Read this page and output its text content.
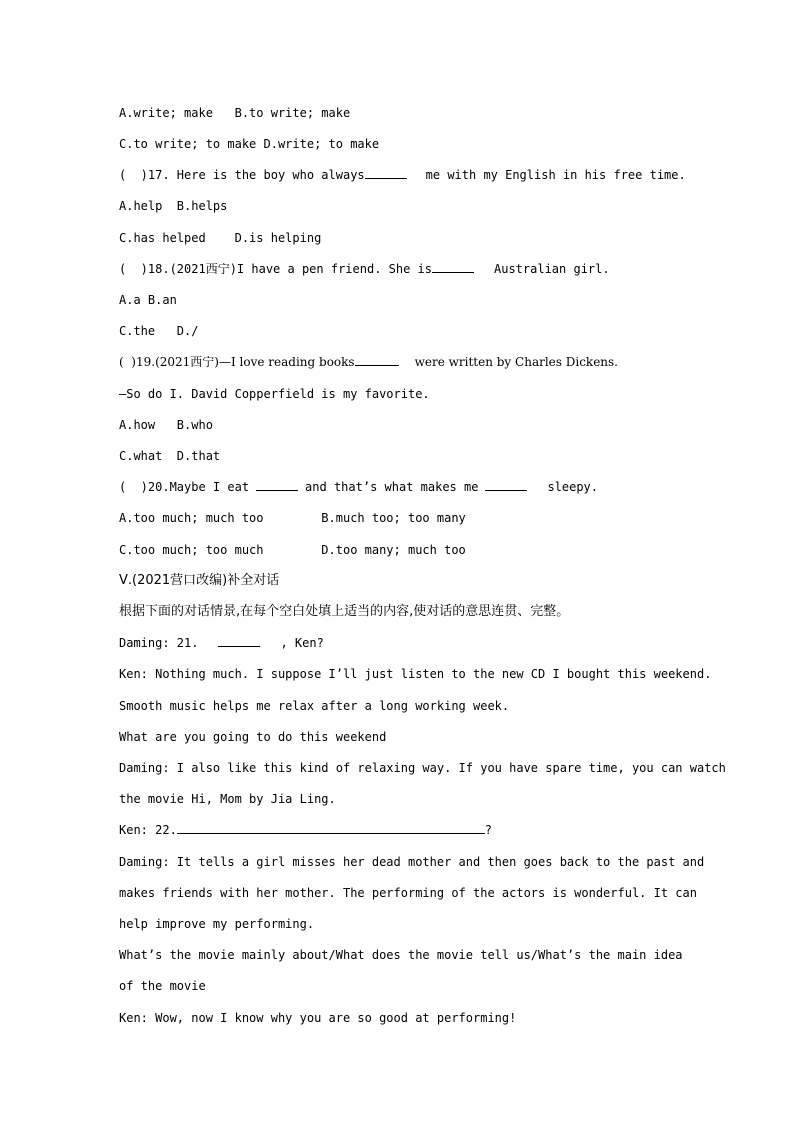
A.write; make   B.to write; make
C.to write; to make D.write; to make
(  )17. Here is the boy who always	me with my English in his free time.
A.help  B.helps
C.has helped    D.is helping
(  )18.(2021西宁)I have a pen friend. She is	Australian girl.
A.a B.an
C.the   D./
(  )19.(2021西宁)—I love reading books	were written by Charles Dickens.
—So do I. David Copperfield is my favorite.
A.how   B.who
C.what  D.that
(  )20.Maybe I eat	and that’s what makes me	sleepy.
A.too much; much too        B.much too; too many
C.too much; too much        D.too many; much too
Ⅴ.(2021营口改编)补全对话
根据下面的对话情景,在每个空白处填上适当的内容,使对话的意思连贯、完整。
Daming: 21.	, Ken?
Ken: Nothing much. I suppose I’ll just listen to the new CD I bought this weekend.
Smooth music helps me relax after a long working week.
What are you going to do this weekend
Daming: I also like this kind of relaxing way. If you have spare time, you can watch
the movie Hi, Mom by Jia Ling.
Ken: 22.	?
Daming: It tells a girl misses her dead mother and then goes back to the past and
makes friends with her mother. The performing of the actors is wonderful. It can
help improve my performing.
What’s the movie mainly about/What does the movie tell us/What’s the main idea
of the movie
Ken: Wow, now I know why you are so good at performing!
